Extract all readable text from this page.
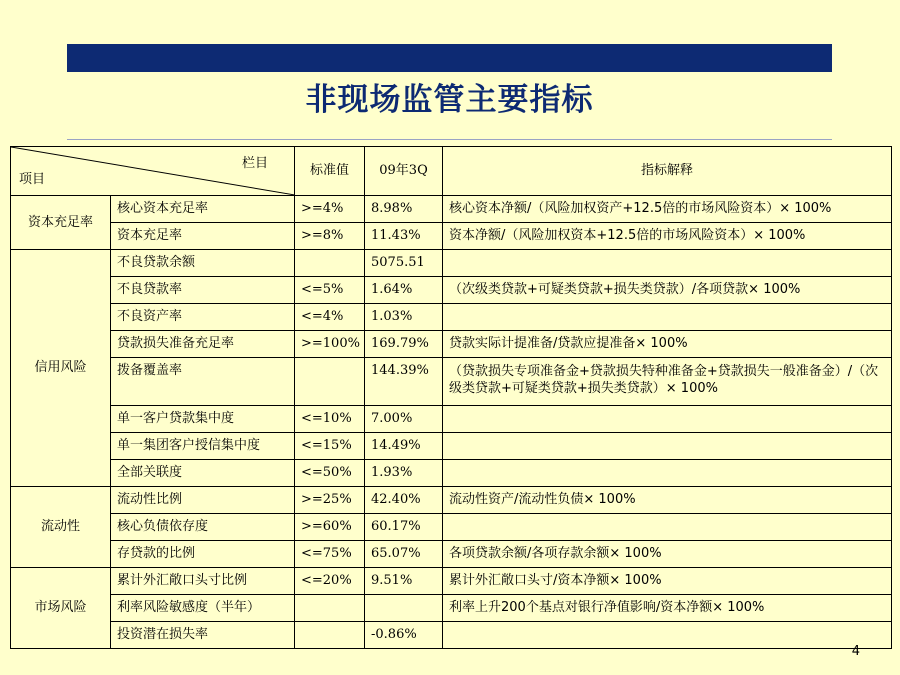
非现场监管主要指标
栏目
项目		标准值	09年3Q	指标解释
资本充足率	核心资本充足率	>=4%	8.98%	核心资本净额/（风险加权资产+12.5倍的市场风险资本）× 100%
	资本充足率	>=8%	11.43%	资本净额/（风险加权资本+12.5倍的市场风险资本）× 100%
信用风险	不良贷款余额		5075.51	
	不良贷款率	<=5%	1.64%	（次级类贷款+可疑类贷款+损失类贷款）/各项贷款× 100%
	不良资产率	<=4%	1.03%	
	贷款损失准备充足率	>=100%	169.79%	贷款实际计提准备/贷款应提准备× 100%
	拨备覆盖率		144.39%	（贷款损失专项准备金+贷款损失特种准备金+贷款损失一般准备金）/（次级类贷款+可疑类贷款+损失类贷款）× 100%
	单一客户贷款集中度	<=10%	7.00%	
	单一集团客户授信集中度	<=15%	14.49%	
	全部关联度	<=50%	1.93%	
流动性	流动性比例	>=25%	42.40%	流动性资产/流动性负债× 100%
	核心负债依存度	>=60%	60.17%	
	存贷款的比例	<=75%	65.07%	各项贷款余额/各项存款余额× 100%
市场风险	累计外汇敞口头寸比例	<=20%	9.51%	累计外汇敞口头寸/资本净额× 100%
	利率风险敏感度（半年）			利率上升200个基点对银行净值影响/资本净额× 100%
	投资潜在损失率		-0.86%	
4
